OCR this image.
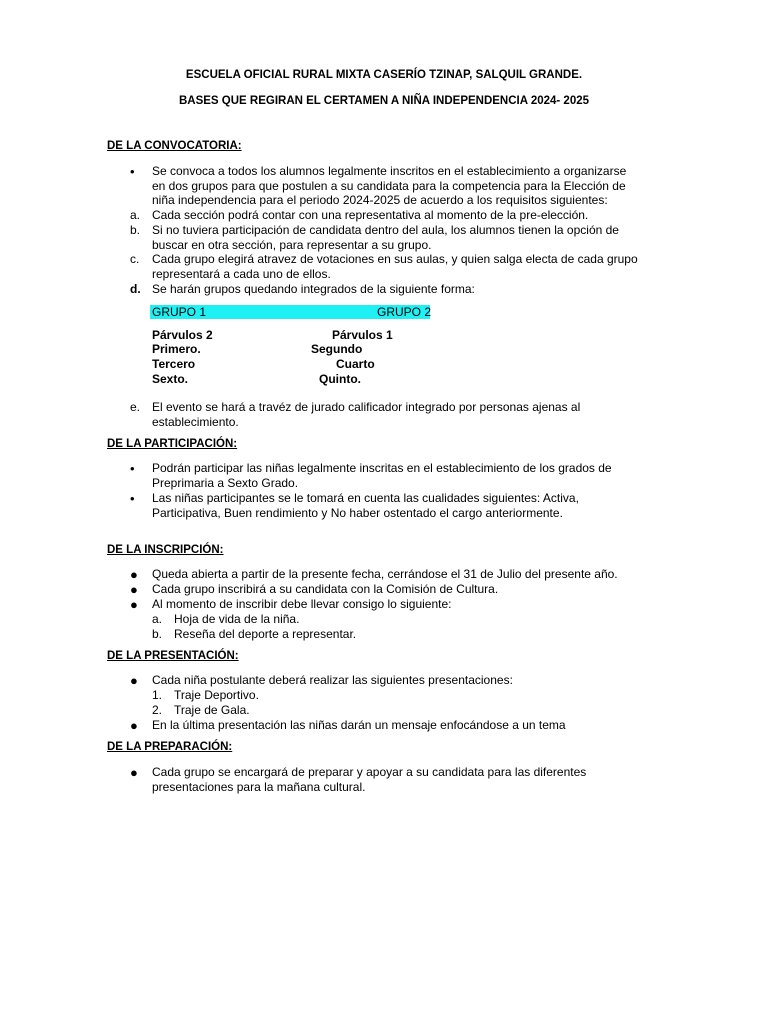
ESCUELA OFICIAL RURAL MIXTA CASERÍO TZINAP, SALQUIL GRANDE.
BASES QUE REGIRAN EL CERTAMEN A NIÑA INDEPENDENCIA 2024- 2025
DE LA CONVOCATORIA:
• Se convoca a todos los alumnos legalmente inscritos en el establecimiento a organizarse
en dos grupos para que postulen a su candidata para la competencia para la Elección de
niña independencia para el periodo 2024-2025 de acuerdo a los requisitos siguientes:
a. Cada sección podrá contar con una representativa al momento de la pre-elección.
b. Si no tuviera participación de candidata dentro del aula, los alumnos tienen la opción de
buscar en otra sección, para representar a su grupo.
c. Cada grupo elegirá atravez de votaciones en sus aulas, y quien salga electa de cada grupo
representará a cada uno de ellos.
d. Se harán grupos quedando integrados de la siguiente forma:
GRUPO 1	GRUPO 2
Párvulos 2	Párvulos 1
Primero.	Segundo
Tercero	Cuarto
Sexto.	Quinto.
e. El evento se hará a travéz de jurado calificador integrado por personas ajenas al
establecimiento.
DE LA PARTICIPACIÓN:
• Podrán participar las niñas legalmente inscritas en el establecimiento de los grados de
Preprimaria a Sexto Grado.
• Las niñas participantes se le tomará en cuenta las cualidades siguientes: Activa,
Participativa, Buen rendimiento y No haber ostentado el cargo anteriormente.
DE LA INSCRIPCIÓN:
● Queda abierta a partir de la presente fecha, cerrándose el 31 de Julio del presente año.
● Cada grupo inscribirá a su candidata con la Comisión de Cultura.
● Al momento de inscribir debe llevar consigo lo siguiente:
a. Hoja de vida de la niña.
b. Reseña del deporte a representar.
DE LA PRESENTACIÓN:
● Cada niña postulante deberá realizar las siguientes presentaciones:
1. Traje Deportivo.
2. Traje de Gala.
● En la última presentación las niñas darán un mensaje enfocándose a un tema
DE LA PREPARACIÓN:
● Cada grupo se encargará de preparar y apoyar a su candidata para las diferentes
presentaciones para la mañana cultural.
